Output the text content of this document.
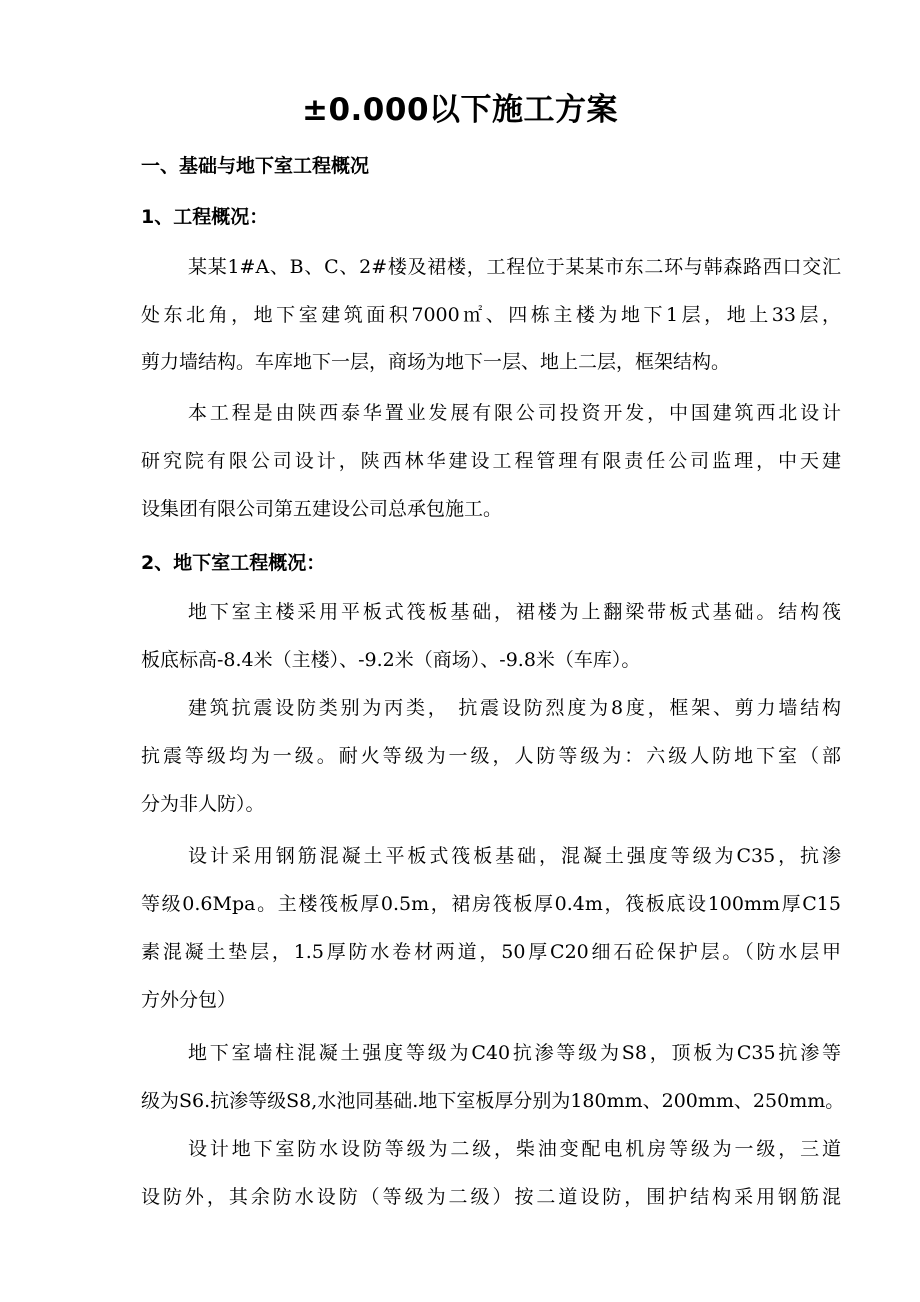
±0.000以下施工方案
一、基础与地下室工程概况
1、工程概况：

某某1#A、B、C、2#楼及裙楼，工程位于某某市东二环与韩森路西口交汇

处东北角，地下室建筑面积7000㎡、四栋主楼为地下1层，地上33层，

剪力墙结构。车库地下一层，商场为地下一层、地上二层，框架结构。

本工程是由陕西泰华置业发展有限公司投资开发，中国建筑西北设计

研究院有限公司设计，陕西林华建设工程管理有限责任公司监理，中天建

设集团有限公司第五建设公司总承包施工。

2、地下室工程概况：

地下室主楼采用平板式筏板基础，裙楼为上翻梁带板式基础。结构筏

板底标高-8.4米（主楼）、-9.2米（商场）、-9.8米（车库）。

建筑抗震设防类别为丙类， 抗震设防烈度为8度，框架、剪力墙结构

抗震等级均为一级。耐火等级为一级，人防等级为：六级人防地下室（部

分为非人防）。

设计采用钢筋混凝土平板式筏板基础，混凝土强度等级为C35，抗渗

等级0.6Mpa。主楼筏板厚0.5m，裙房筏板厚0.4m，筏板底设100mm厚C15

素混凝土垫层，1.5厚防水卷材两道，50厚C20细石砼保护层。（防水层甲

方外分包）

地下室墙柱混凝土强度等级为C40抗渗等级为S8，顶板为C35抗渗等

级为S6.抗渗等级S8,水池同基础.地下室板厚分别为180mm、200mm、250mm。

设计地下室防水设防等级为二级，柴油变配电机房等级为一级，三道

设防外，其余防水设防（等级为二级）按二道设防，围护结构采用钢筋混
